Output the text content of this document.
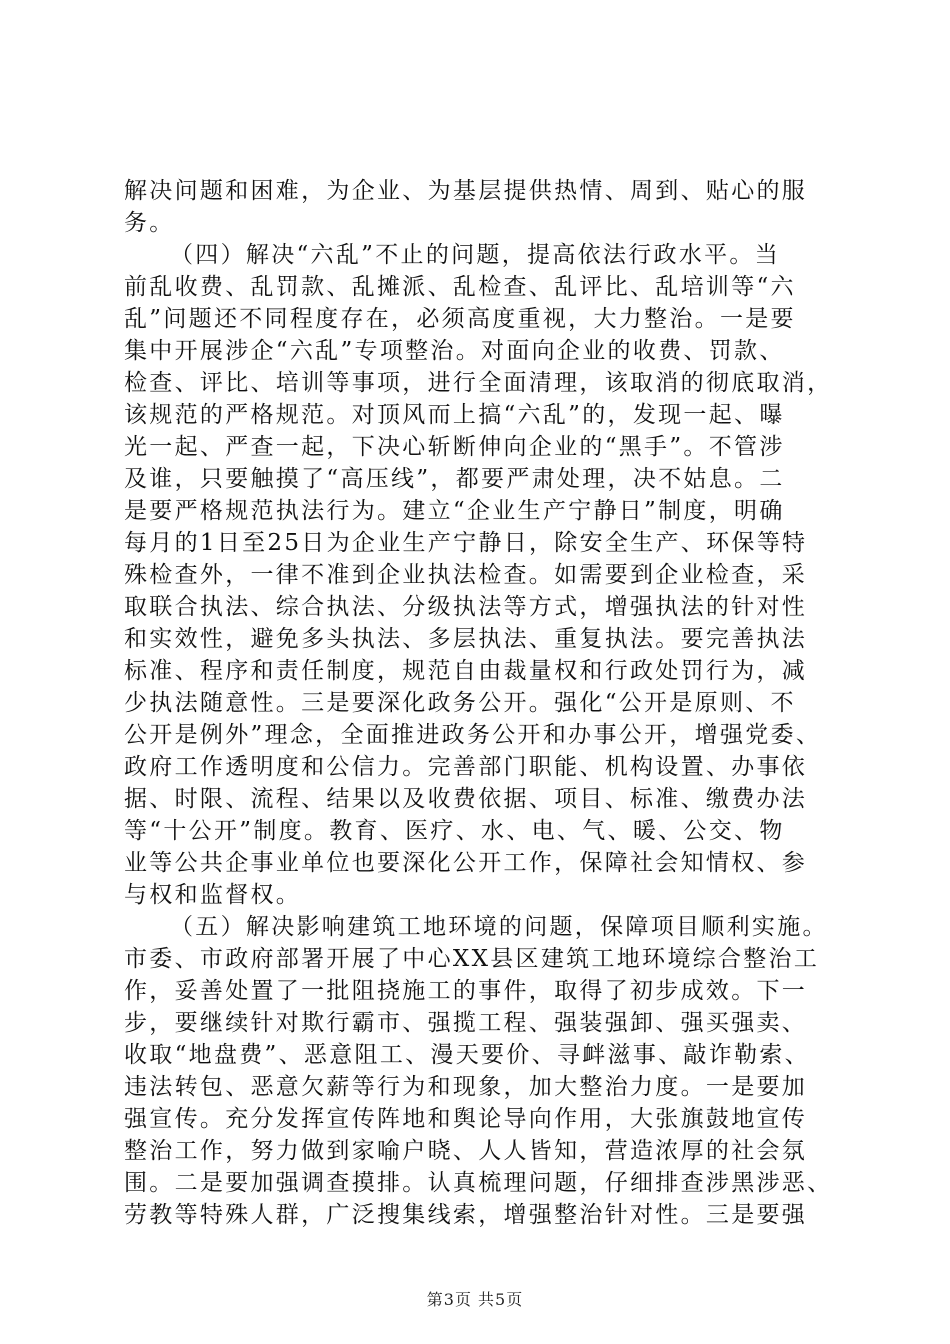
解决问题和困难，为企业、为基层提供热情、周到、贴心的服
务。
（四）解决“六乱”不止的问题，提高依法行政水平。当
前乱收费、乱罚款、乱摊派、乱检查、乱评比、乱培训等“六
乱”问题还不同程度存在，必须高度重视，大力整治。一是要
集中开展涉企“六乱”专项整治。对面向企业的收费、罚款、
检查、评比、培训等事项，进行全面清理，该取消的彻底取消，
该规范的严格规范。对顶风而上搞“六乱”的，发现一起、曝
光一起、严查一起，下决心斩断伸向企业的“黑手”。不管涉
及谁，只要触摸了“高压线”，都要严肃处理，决不姑息。二
是要严格规范执法行为。建立“企业生产宁静日”制度，明确
每月的1日至25日为企业生产宁静日，除安全生产、环保等特
殊检查外，一律不准到企业执法检查。如需要到企业检查，采
取联合执法、综合执法、分级执法等方式，增强执法的针对性
和实效性，避免多头执法、多层执法、重复执法。要完善执法
标准、程序和责任制度，规范自由裁量权和行政处罚行为，减
少执法随意性。三是要深化政务公开。强化“公开是原则、不
公开是例外”理念，全面推进政务公开和办事公开，增强党委、
政府工作透明度和公信力。完善部门职能、机构设置、办事依
据、时限、流程、结果以及收费依据、项目、标准、缴费办法
等“十公开”制度。教育、医疗、水、电、气、暖、公交、物
业等公共企事业单位也要深化公开工作，保障社会知情权、参
与权和监督权。
（五）解决影响建筑工地环境的问题，保障项目顺利实施。
市委、市政府部署开展了中心XX县区建筑工地环境综合整治工
作，妥善处置了一批阻挠施工的事件，取得了初步成效。下一
步，要继续针对欺行霸市、强揽工程、强装强卸、强买强卖、
收取“地盘费”、恶意阻工、漫天要价、寻衅滋事、敲诈勒索、
违法转包、恶意欠薪等行为和现象，加大整治力度。一是要加
强宣传。充分发挥宣传阵地和舆论导向作用，大张旗鼓地宣传
整治工作，努力做到家喻户晓、人人皆知，营造浓厚的社会氛
围。二是要加强调查摸排。认真梳理问题，仔细排查涉黑涉恶、
劳教等特殊人群，广泛搜集线索，增强整治针对性。三是要强
第3页 共5页
